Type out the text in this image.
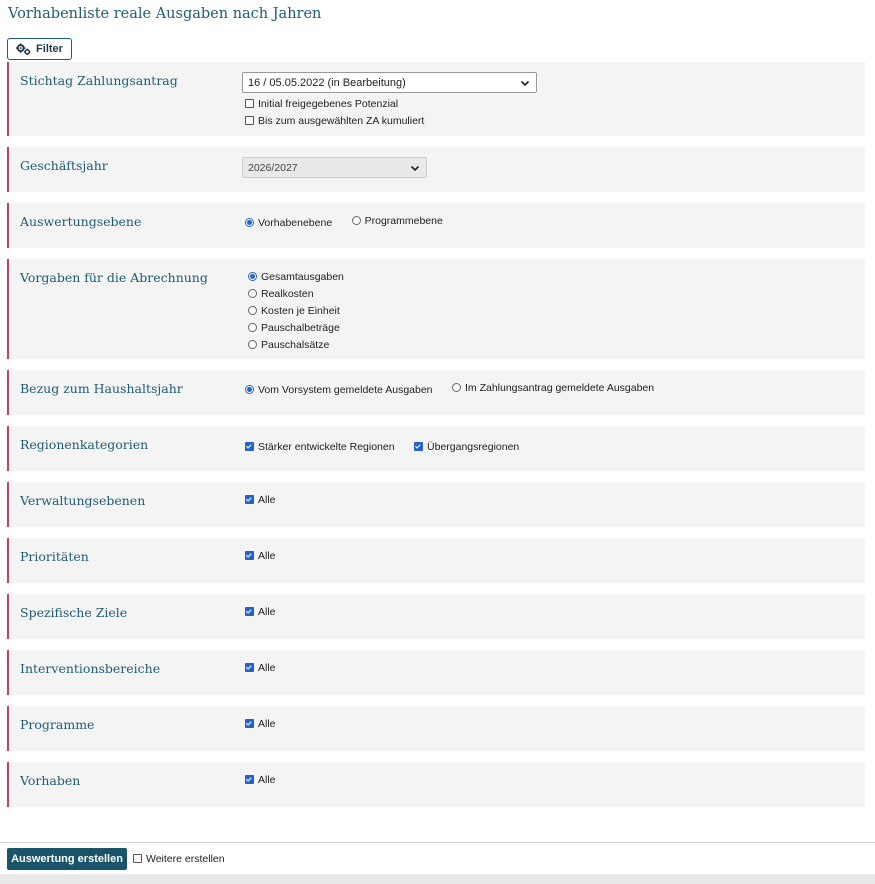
Vorhabenliste reale Ausgaben nach Jahren
Filter
Stichtag Zahlungsantrag	16 / 05.05.2022 (in Bearbeitung)
Initial freigegebenes Potenzial
Bis zum ausgewählten ZA kumuliert
Geschäftsjahr	2026/2027
Auswertungsebene	Vorhabenebene
	Programmebene
Vorgaben für die Abrechnung	Gesamtausgaben
Realkosten
Kosten je Einheit
Pauschalbeträge
Pauschalsätze
Bezug zum Haushaltsjahr	Vom Vorsystem gemeldete Ausgaben
	Im Zahlungsantrag gemeldete Ausgaben
Regionenkategorien	Stärker entwickelte Regionen
	Übergangsregionen
Verwaltungsebenen	Alle
Prioritäten	Alle
Spezifische Ziele	Alle
Interventionsbereiche	Alle
Programme	Alle
Vorhaben	Alle
Auswertung erstellen	Weitere erstellen
